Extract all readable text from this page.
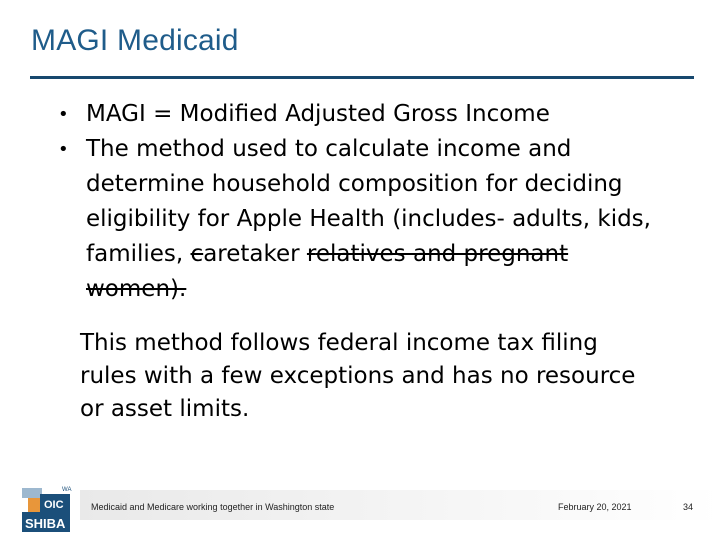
MAGI Medicaid
• MAGI = Modified Adjusted Gross Income
• The method used to calculate income and determine household composition for deciding eligibility for Apple Health (includes- adults, kids, families, caretaker relatives and pregnant women).
This method follows federal income tax filing rules with a few exceptions and has no resource or asset limits.
WA
OIC
SHIBA
Medicaid and Medicare working together in Washington state	February 20, 2021	34
